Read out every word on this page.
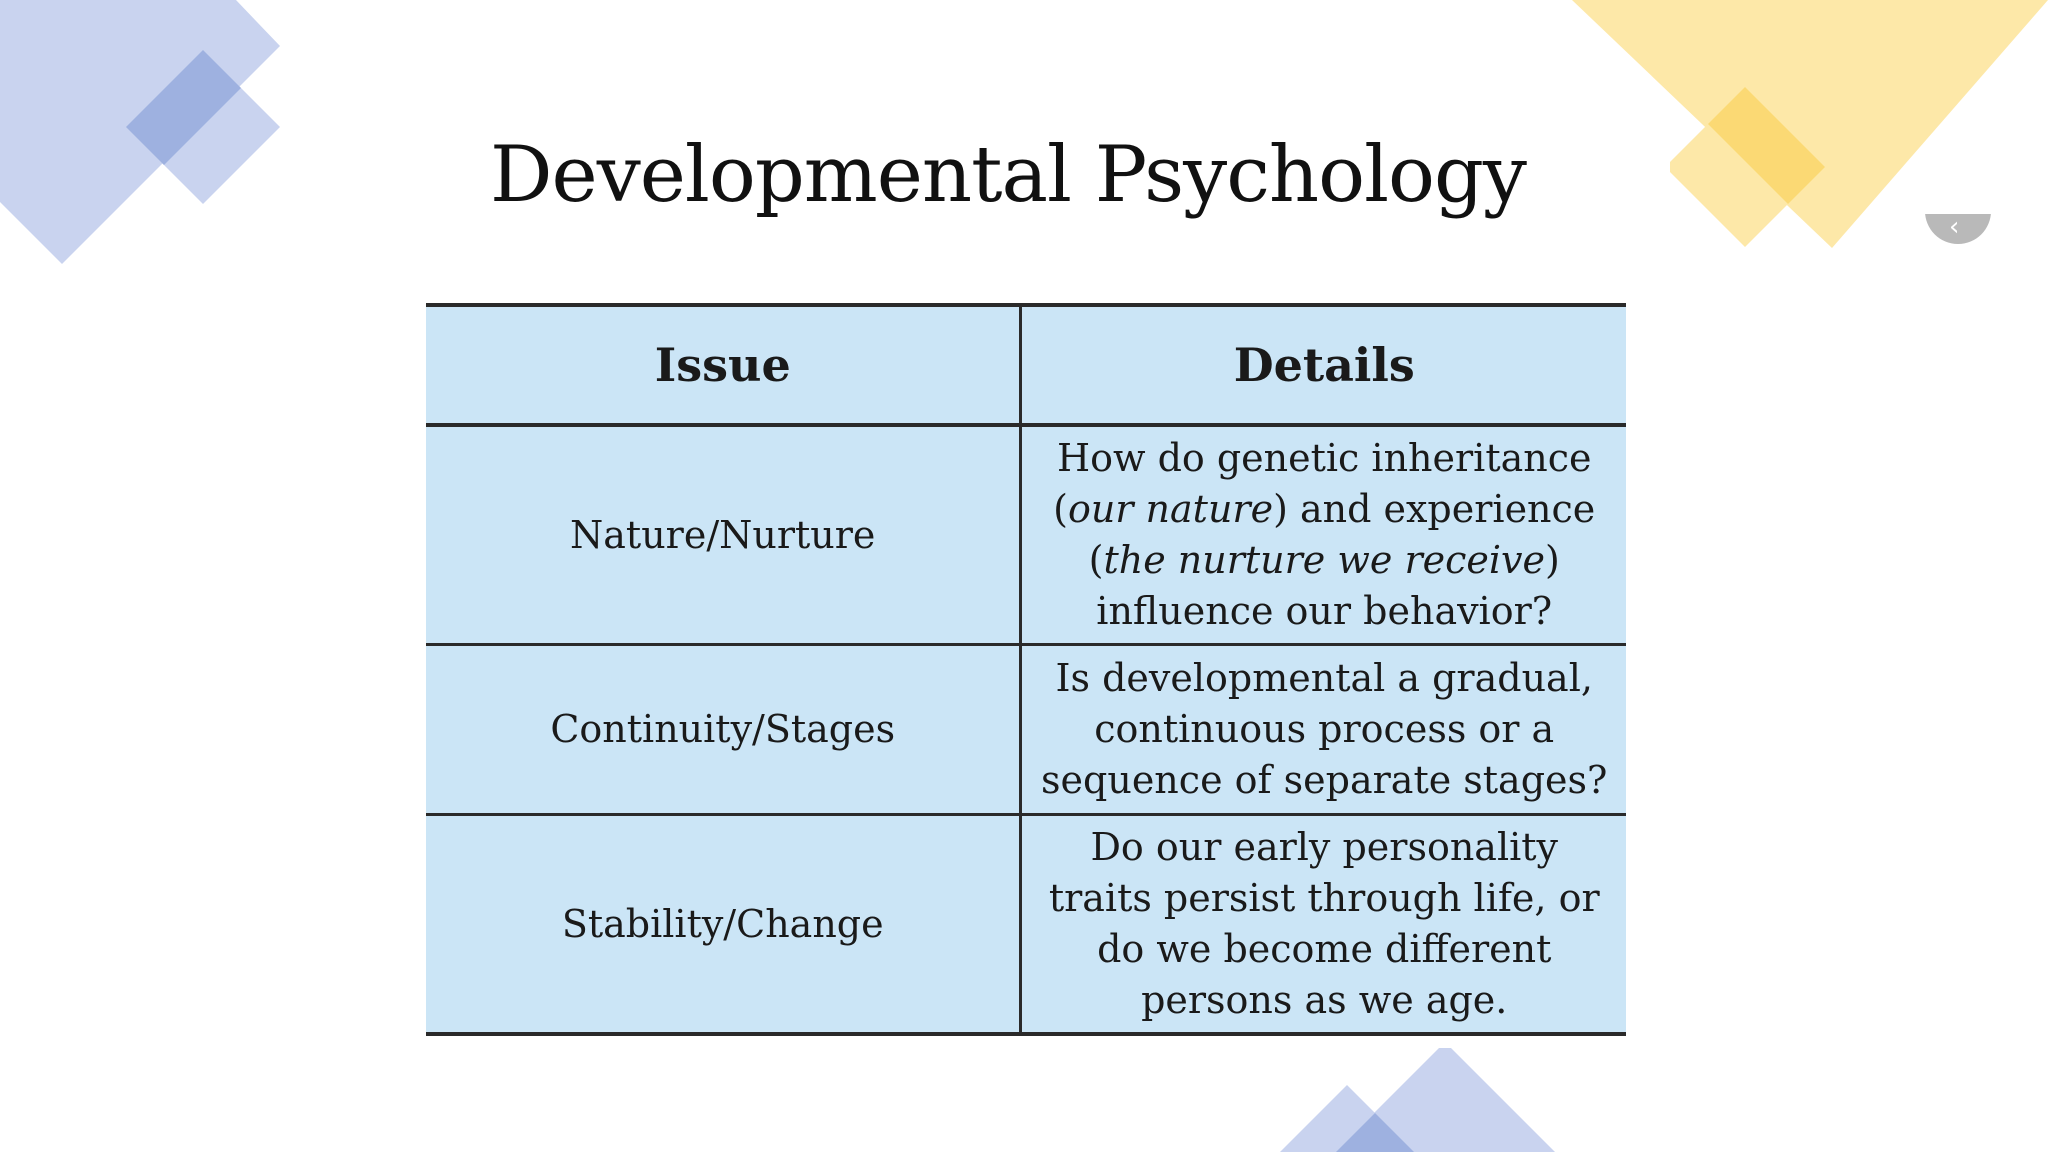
‹
Developmental Psychology
Issue	Details
Nature/Nurture	How do genetic inheritance
(our nature) and experience
(the nurture we receive)
influence our behavior?
Continuity/Stages	Is developmental a gradual,
continuous process or a
sequence of separate stages?
Stability/Change	Do our early personality
traits persist through life, or
do we become different
persons as we age.
